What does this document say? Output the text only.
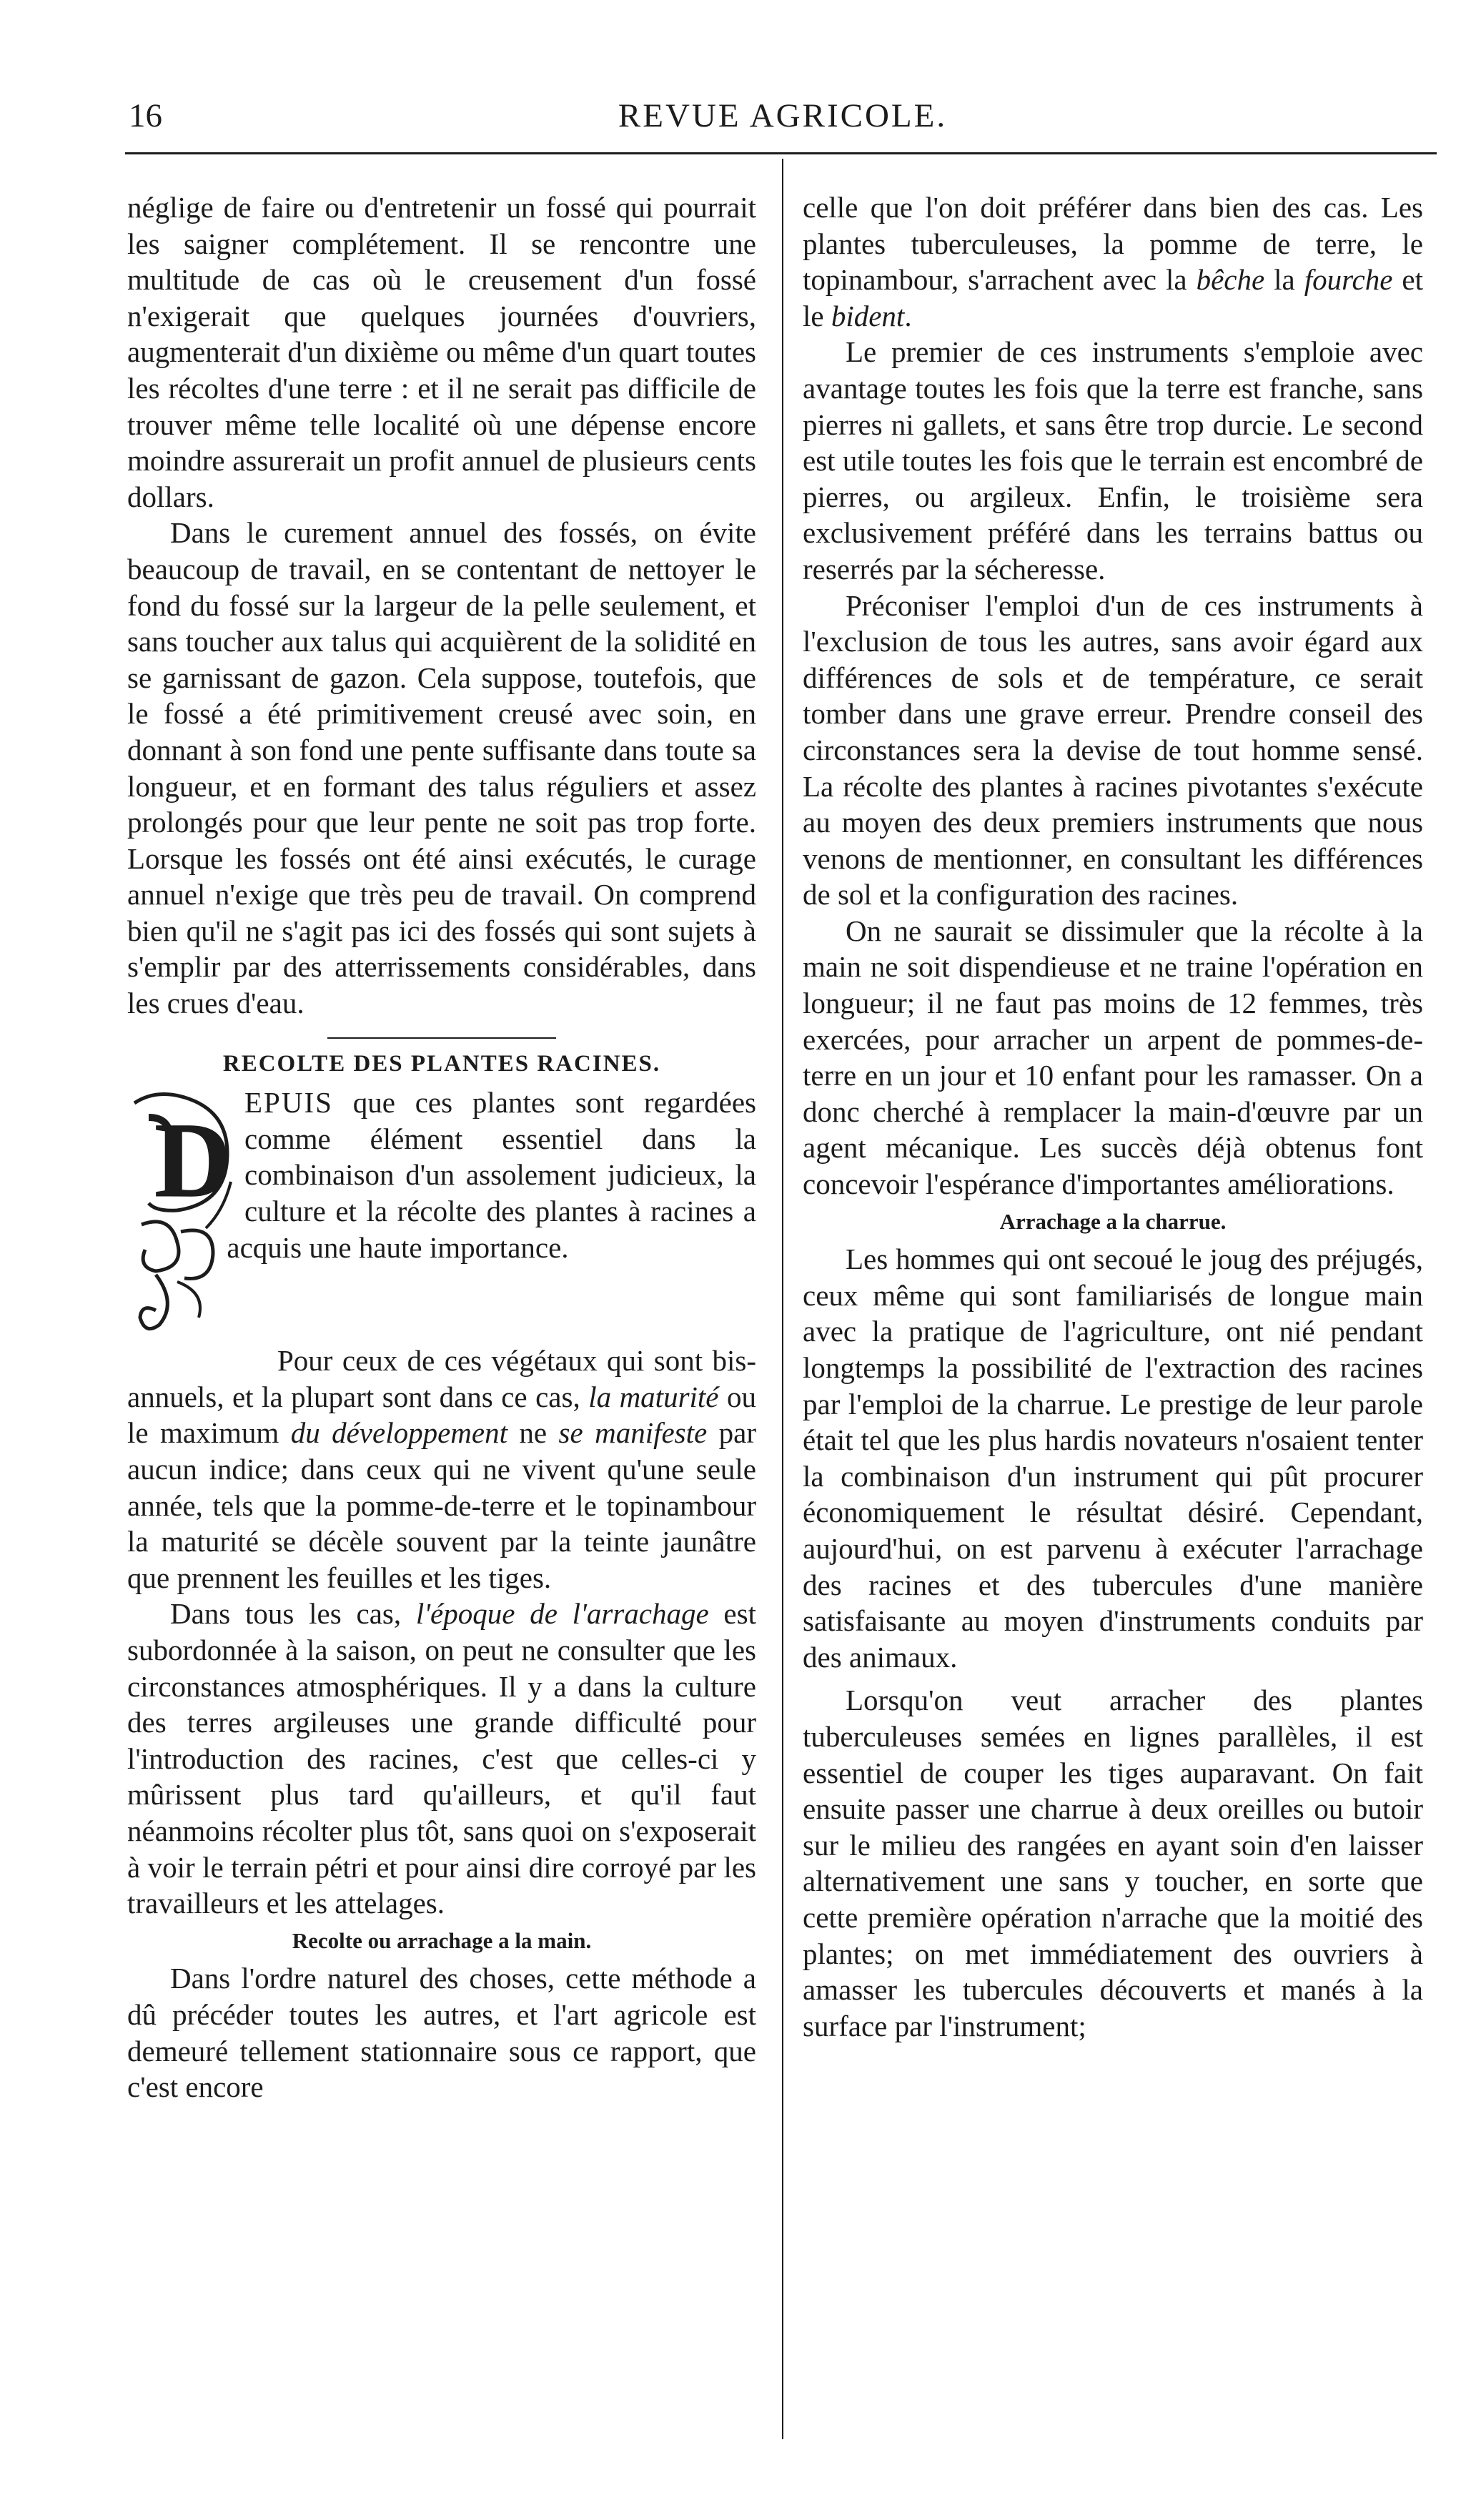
16	REVUE AGRICOLE.

néglige de faire ou d'entretenir un fossé qui pourrait les saigner complétement. Il se rencontre une multitude de cas où le creusement d'un fossé n'exigerait que quelques journées d'ouvriers, augmenterait d'un dixième ou même d'un quart toutes les récoltes d'une terre : et il ne serait pas difficile de trouver même telle localité où une dépense encore moindre assurerait un profit annuel de plusieurs cents dollars.

Dans le curement annuel des fossés, on évite beaucoup de travail, en se contentant de nettoyer le fond du fossé sur la largeur de la pelle seulement, et sans toucher aux talus qui acquièrent de la solidité en se garnissant de gazon. Cela suppose, toutefois, que le fossé a été primitivement creusé avec soin, en donnant à son fond une pente suffisante dans toute sa longueur, et en formant des talus réguliers et assez prolongés pour que leur pente ne soit pas trop forte. Lorsque les fossés ont été ainsi exécutés, le curage annuel n'exige que très peu de travail. On comprend bien qu'il ne s'agit pas ici des fossés qui sont sujets à s'emplir par des atterrissements considérables, dans les crues d'eau.

RECOLTE DES PLANTES RACINES.
D EPUIS que ces plantes sont regardées comme élément essentiel dans la combinaison d'un assolement judicieux, la culture et la récolte des plantes à racines a acquis une haute importance.

Pour ceux de ces végétaux qui sont bis-annuels, et la plupart sont dans ce cas, la maturité ou le maximum du développement ne se manifeste par aucun indice; dans ceux qui ne vivent qu'une seule année, tels que la pomme-de-terre et le topinambour la maturité se décèle souvent par la teinte jaunâtre que prennent les feuilles et les tiges.

Dans tous les cas, l'époque de l'arrachage est subordonnée à la saison, on peut ne consulter que les circonstances atmosphériques. Il y a dans la culture des terres argileuses une grande difficulté pour l'introduction des racines, c'est que celles-ci y mûrissent plus tard qu'ailleurs, et qu'il faut néanmoins récolter plus tôt, sans quoi on s'exposerait à voir le terrain pétri et pour ainsi dire corroyé par les travailleurs et les attelages.

Recolte ou arrachage a la main.

Dans l'ordre naturel des choses, cette méthode a dû précéder toutes les autres, et l'art agricole est demeuré tellement stationnaire sous ce rapport, que c'est encore

celle que l'on doit préférer dans bien des cas. Les plantes tuberculeuses, la pomme de terre, le topinambour, s'arrachent avec la bêche la fourche et le bident.

Le premier de ces instruments s'emploie avec avantage toutes les fois que la terre est franche, sans pierres ni gallets, et sans être trop durcie. Le second est utile toutes les fois que le terrain est encombré de pierres, ou argileux. Enfin, le troisième sera exclusivement préféré dans les terrains battus ou reserrés par la sécheresse.

Préconiser l'emploi d'un de ces instruments à l'exclusion de tous les autres, sans avoir égard aux différences de sols et de température, ce serait tomber dans une grave erreur. Prendre conseil des circonstances sera la devise de tout homme sensé. La récolte des plantes à racines pivotantes s'exécute au moyen des deux premiers instruments que nous venons de mentionner, en consultant les différences de sol et la configuration des racines.

On ne saurait se dissimuler que la récolte à la main ne soit dispendieuse et ne traine l'opération en longueur; il ne faut pas moins de 12 femmes, très exercées, pour arracher un arpent de pommes-de-terre en un jour et 10 enfant pour les ramasser. On a donc cherché à remplacer la main-d'œuvre par un agent mécanique. Les succès déjà obtenus font concevoir l'espérance d'importantes améliorations.

Arrachage a la charrue.

Les hommes qui ont secoué le joug des préjugés, ceux même qui sont familiarisés de longue main avec la pratique de l'agriculture, ont nié pendant longtemps la possibilité de l'extraction des racines par l'emploi de la charrue. Le prestige de leur parole était tel que les plus hardis novateurs n'osaient tenter la combinaison d'un instrument qui pût procurer économiquement le résultat désiré. Cependant, aujourd'hui, on est parvenu à exécuter l'arrachage des racines et des tubercules d'une manière satisfaisante au moyen d'instruments conduits par des animaux.

Lorsqu'on veut arracher des plantes tuberculeuses semées en lignes parallèles, il est essentiel de couper les tiges auparavant. On fait ensuite passer une charrue à deux oreilles ou butoir sur le milieu des rangées en ayant soin d'en laisser alternativement une sans y toucher, en sorte que cette première opération n'arrache que la moitié des plantes; on met immédiatement des ouvriers à amasser les tubercules découverts et manés à la surface par l'instrument;
